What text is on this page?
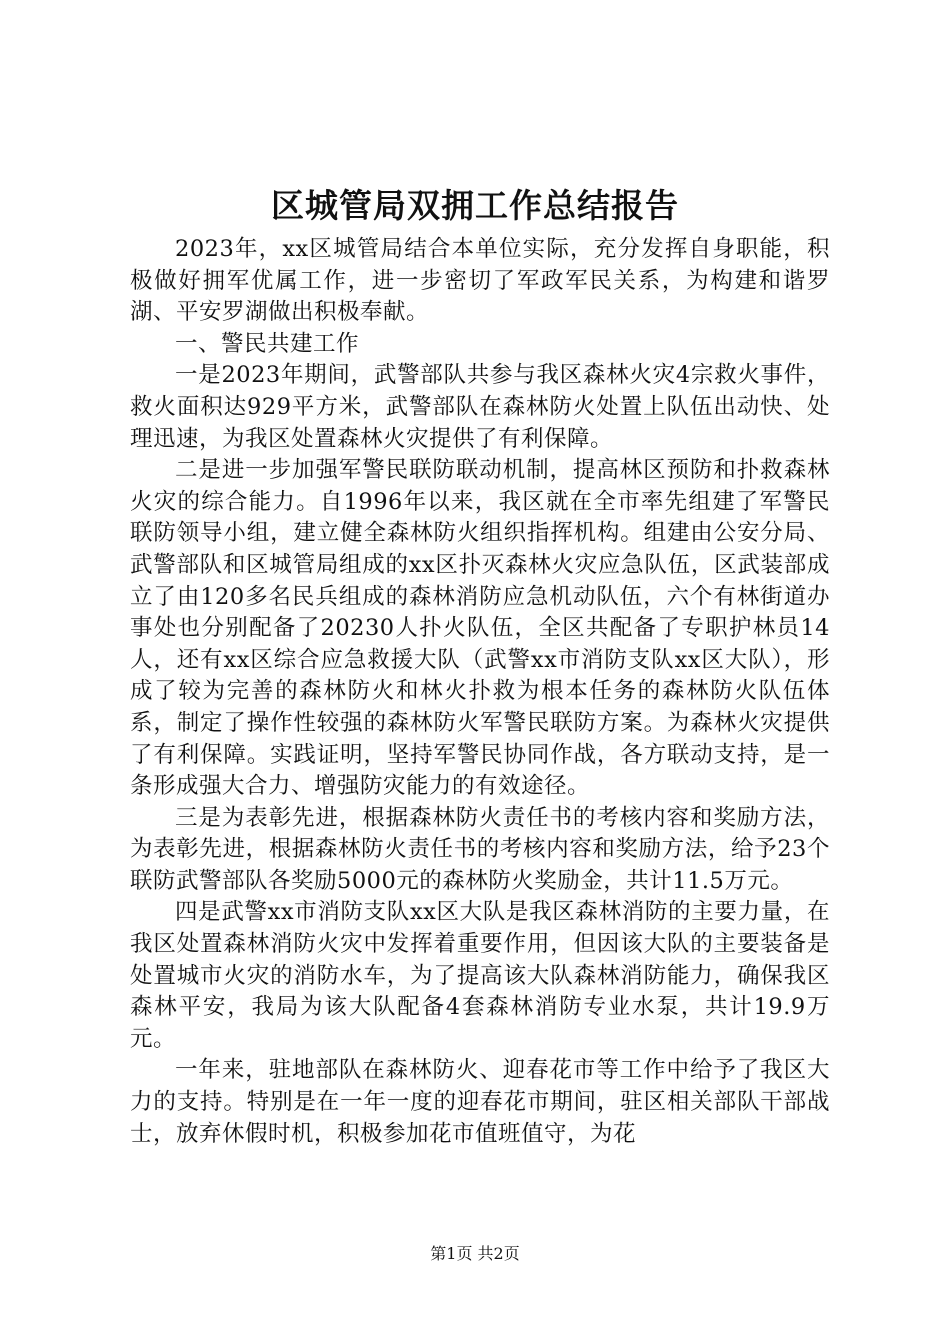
区城管局双拥工作总结报告

2023年，xx区城管局结合本单位实际，充分发挥自身职能，积极做好拥军优属工作，进一步密切了军政军民关系，为构建和谐罗湖、平安罗湖做出积极奉献。

一、警民共建工作

一是2023年期间，武警部队共参与我区森林火灾4宗救火事件，救火面积达929平方米，武警部队在森林防火处置上队伍出动快、处理迅速，为我区处置森林火灾提供了有利保障。

二是进一步加强军警民联防联动机制，提高林区预防和扑救森林火灾的综合能力。自1996年以来，我区就在全市率先组建了军警民联防领导小组，建立健全森林防火组织指挥机构。组建由公安分局、武警部队和区城管局组成的xx区扑灭森林火灾应急队伍，区武装部成立了由120多名民兵组成的森林消防应急机动队伍，六个有林街道办事处也分别配备了20230人扑火队伍，全区共配备了专职护林员14人，还有xx区综合应急救援大队（武警xx市消防支队xx区大队），形成了较为完善的森林防火和林火扑救为根本任务的森林防火队伍体系，制定了操作性较强的森林防火军警民联防方案。为森林火灾提供了有利保障。实践证明，坚持军警民协同作战，各方联动支持，是一条形成强大合力、增强防灾能力的有效途径。

三是为表彰先进，根据森林防火责任书的考核内容和奖励方法，为表彰先进，根据森林防火责任书的考核内容和奖励方法，给予23个联防武警部队各奖励5000元的森林防火奖励金，共计11.5万元。

四是武警xx市消防支队xx区大队是我区森林消防的主要力量，在我区处置森林消防火灾中发挥着重要作用，但因该大队的主要装备是处置城市火灾的消防水车，为了提高该大队森林消防能力，确保我区森林平安，我局为该大队配备4套森林消防专业水泵，共计19.9万元。

一年来，驻地部队在森林防火、迎春花市等工作中给予了我区大力的支持。特别是在一年一度的迎春花市期间，驻区相关部队干部战士，放弃休假时机，积极参加花市值班值守，为花

第1页 共2页
